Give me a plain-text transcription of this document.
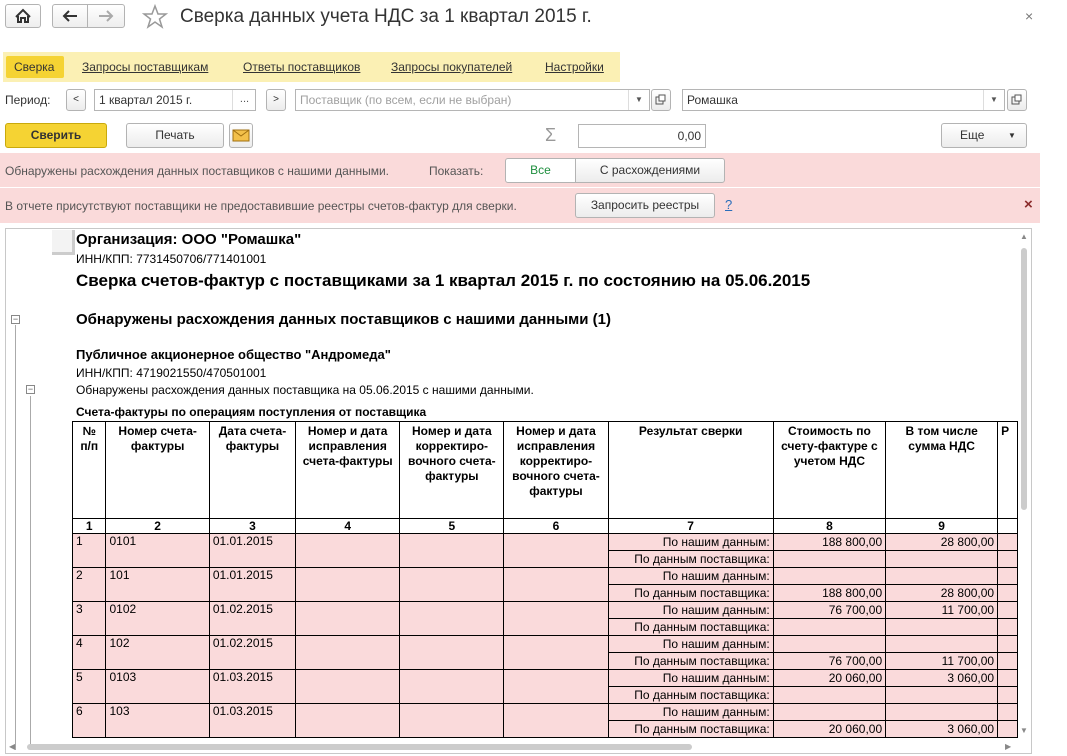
Сверка данных учета НДС за 1 квартал 2015 г.	×
Сверка Запросы поставщикам	Ответы поставщиков	Запросы покупателей	Настройки
Период:	<	1 квартал 2015 г.	...	>	Поставщик (по всем, если не выбран)	▼	Ромашка	▼
Сверить	Печать	Σ	0,00	Еще	▼
Обнаружены расхождения данных поставщиков с нашими данными.	Показать:	Все	С расхождениями
В отчете присутствуют поставщики не предоставившие реестры счетов-фактур для сверки.	Запросить реестры	?	×
−
−
Организация: ООО "Ромашка"
ИНН/КПП: 7731450706/771401001
Сверка счетов-фактур с поставщиками за 1 квартал 2015 г. по состоянию на 05.06.2015
Обнаружены расхождения данных поставщиков с нашими данными (1)
Публичное акционерное общество "Андромеда"
ИНН/КПП: 4719021550/470501001
Обнаружены расхождения данных поставщика на 05.06.2015 с нашими данными.
Счета-фактуры по операциям поступления от поставщика
№ п/п	Номер счета-фактуры	Дата счета-фактуры	Номер и дата исправления счета-фактуры	Номер и дата корректиро-вочного счета-фактуры	Номер и дата исправления корректиро-вочного счета-фактуры	Результат сверки	Стоимость по счету-фактуре с учетом НДС	В том числе сумма НДС	Р
1	2	3	4	5	6	7	8	9	
1	0101	01.01.2015				По нашим данным:	188 800,00	28 800,00	
						По данным поставщика:			
2	101	01.01.2015				По нашим данным:			
						По данным поставщика:	188 800,00	28 800,00	
3	0102	01.02.2015				По нашим данным:	76 700,00	11 700,00	
						По данным поставщика:			
4	102	01.02.2015				По нашим данным:			
						По данным поставщика:	76 700,00	11 700,00	
5	0103	01.03.2015				По нашим данным:	20 060,00	3 060,00	
						По данным поставщика:			
6	103	01.03.2015				По нашим данным:			
						По данным поставщика:	20 060,00	3 060,00	
▲
▼
◀	▶
